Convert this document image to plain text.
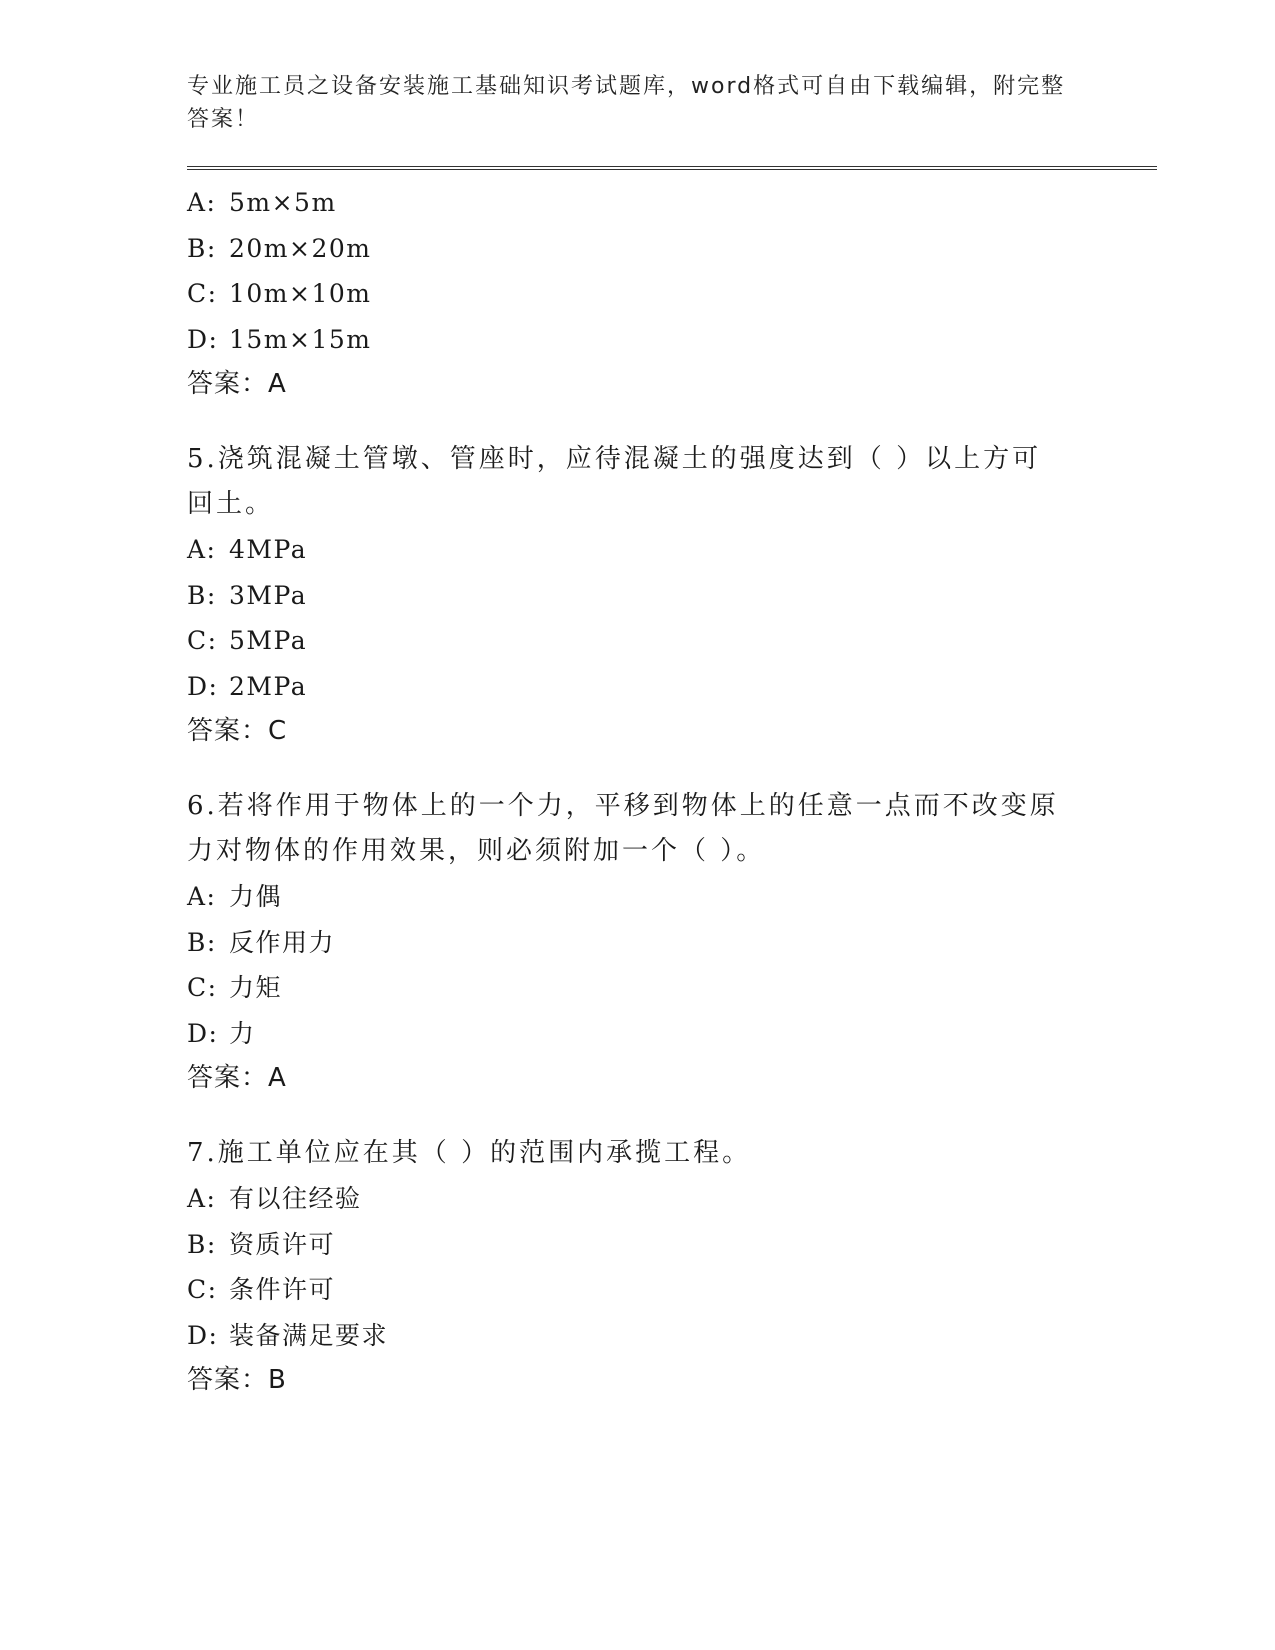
专业施工员之设备安装施工基础知识考试题库，word格式可自由下载编辑，附完整答案！
A: 5m×5m
B: 20m×20m
C: 10m×10m
D: 15m×15m
答案：A
5.浇筑混凝土管墩、管座时，应待混凝土的强度达到（ ）以上方可回土。
A: 4MPa
B: 3MPa
C: 5MPa
D: 2MPa
答案：C
6.若将作用于物体上的一个力，平移到物体上的任意一点而不改变原力对物体的作用效果，则必须附加一个（ ）。
A: 力偶
B: 反作用力
C: 力矩
D: 力
答案：A
7.施工单位应在其（ ）的范围内承揽工程。
A: 有以往经验
B: 资质许可
C: 条件许可
D: 装备满足要求
答案：B
